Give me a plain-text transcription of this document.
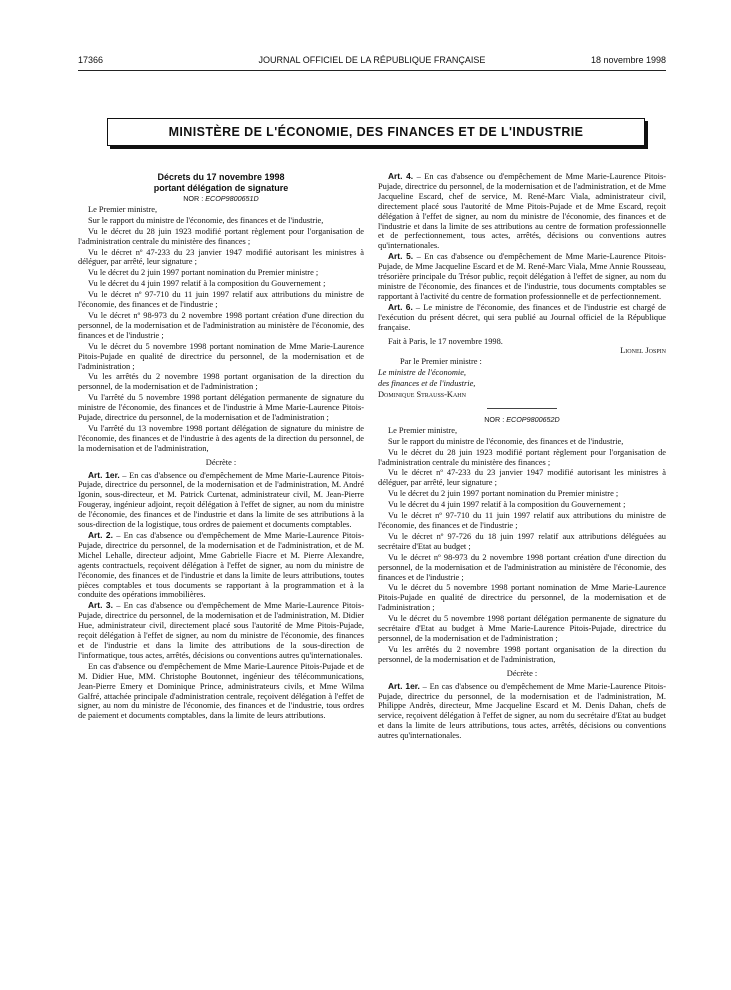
17366	JOURNAL OFFICIEL DE LA RÉPUBLIQUE FRANÇAISE	18 novembre 1998
MINISTÈRE DE L'ÉCONOMIE, DES FINANCES ET DE L'INDUSTRIE

Décrets du 17 novembre 1998

portant délégation de signature

NOR : ECOP9800651D

Le Premier ministre,

Sur le rapport du ministre de l'économie, des finances et de l'industrie,

Vu le décret du 28 juin 1923 modifié portant règlement pour l'organisation de l'administration centrale du ministère des finances ;

Vu le décret nº 47-233 du 23 janvier 1947 modifié autorisant les ministres à déléguer, par arrêté, leur signature ;

Vu le décret du 2 juin 1997 portant nomination du Premier ministre ;

Vu le décret du 4 juin 1997 relatif à la composition du Gouvernement ;

Vu le décret nº 97-710 du 11 juin 1997 relatif aux attributions du ministre de l'économie, des finances et de l'industrie ;

Vu le décret nº 98-973 du 2 novembre 1998 portant création d'une direction du personnel, de la modernisation et de l'administration au ministère de l'économie, des finances et de l'industrie ;

Vu le décret du 5 novembre 1998 portant nomination de Mme Marie-Laurence Pitois-Pujade en qualité de directrice du personnel, de la modernisation et de l'administration ;

Vu les arrêtés du 2 novembre 1998 portant organisation de la direction du personnel, de la modernisation et de l'administration ;

Vu l'arrêté du 5 novembre 1998 portant délégation permanente de signature du ministre de l'économie, des finances et de l'industrie à Mme Marie-Laurence Pitois-Pujade, directrice du personnel, de la modernisation et de l'administration ;

Vu l'arrêté du 13 novembre 1998 portant délégation de signature du ministre de l'économie, des finances et de l'industrie à des agents de la direction du personnel, de la modernisation et de l'administration,

Décrète :

Art. 1er. – En cas d'absence ou d'empêchement de Mme Marie-Laurence Pitois-Pujade, directrice du personnel, de la modernisation et de l'administration, M. André Igonin, sous-directeur, et M. Patrick Curtenat, administrateur civil, M. Jean-Pierre Fougeray, ingénieur adjoint, reçoit délégation à l'effet de signer, au nom du ministre de l'économie, des finances et de l'industrie et dans la limite de ses attributions à la sous-direction de la logistique, tous ordres de paiement et documents comptables.

Art. 2. – En cas d'absence ou d'empêchement de Mme Marie-Laurence Pitois-Pujade, directrice du personnel, de la modernisation et de l'administration, et de M. Michel Lehalle, directeur adjoint, Mme Gabrielle Fiacre et M. Pierre Alexandre, agents contractuels, reçoivent délégation à l'effet de signer, au nom du ministre de l'économie, des finances et de l'industrie et dans la limite de leurs attributions, toutes pièces comptables et tous documents se rapportant à la programmation et à la conduite des opérations immobilières.

Art. 3. – En cas d'absence ou d'empêchement de Mme Marie-Laurence Pitois-Pujade, directrice du personnel, de la modernisation et de l'administration, M. Didier Hue, administrateur civil, directement placé sous l'autorité de Mme Pitois-Pujade, reçoit délégation à l'effet de signer, au nom du ministre de l'économie, des finances et de l'industrie et dans la limite des attributions de la sous-direction de l'informatique, tous actes, arrêtés, décisions ou conventions autres qu'internationales.

En cas d'absence ou d'empêchement de Mme Marie-Laurence Pitois-Pujade et de M. Didier Hue, MM. Christophe Boutonnet, ingénieur des télécommunications, Jean-Pierre Emery et Dominique Prince, administrateurs civils, et Mme Wilma Galfré, attachée principale d'administration centrale, reçoivent délégation à l'effet de signer, au nom du ministre de l'économie, des finances et de l'industrie, tous ordres de paiement et documents comptables, dans la limite de leurs attributions.

Art. 4. – En cas d'absence ou d'empêchement de Mme Marie-Laurence Pitois-Pujade, directrice du personnel, de la modernisation et de l'administration, et de Mme Jacqueline Escard, chef de service, M. René-Marc Viala, administrateur civil, directement placé sous l'autorité de Mme Pitois-Pujade et de Mme Escard, reçoit délégation à l'effet de signer, au nom du ministre de l'économie, des finances et de l'industrie et dans la limite de ses attributions au centre de formation professionnelle et de perfectionnement, tous actes, arrêtés, décisions ou conventions autres qu'internationales.

Art. 5. – En cas d'absence ou d'empêchement de Mme Marie-Laurence Pitois-Pujade, de Mme Jacqueline Escard et de M. René-Marc Viala, Mme Annie Rousseau, trésorière principale du Trésor public, reçoit délégation à l'effet de signer, au nom du ministre de l'économie, des finances et de l'industrie, tous documents comptables se rapportant à l'activité du centre de formation professionnelle et de perfectionnement.

Art. 6. – Le ministre de l'économie, des finances et de l'industrie est chargé de l'exécution du présent décret, qui sera publié au Journal officiel de la République française.

Fait à Paris, le 17 novembre 1998.

Lionel Jospin

Par le Premier ministre :

Le ministre de l'économie,

des finances et de l'industrie,

Dominique Strauss-Kahn

NOR : ECOP9800652D

Le Premier ministre,

Sur le rapport du ministre de l'économie, des finances et de l'industrie,

Vu le décret du 28 juin 1923 modifié portant règlement pour l'organisation de l'administration centrale du ministère des finances ;

Vu le décret nº 47-233 du 23 janvier 1947 modifié autorisant les ministres à déléguer, par arrêté, leur signature ;

Vu le décret du 2 juin 1997 portant nomination du Premier ministre ;

Vu le décret du 4 juin 1997 relatif à la composition du Gouvernement ;

Vu le décret nº 97-710 du 11 juin 1997 relatif aux attributions du ministre de l'économie, des finances et de l'industrie ;

Vu le décret nº 97-726 du 18 juin 1997 relatif aux attributions déléguées au secrétaire d'Etat au budget ;

Vu le décret nº 98-973 du 2 novembre 1998 portant création d'une direction du personnel, de la modernisation et de l'administration au ministère de l'économie, des finances et de l'industrie ;

Vu le décret du 5 novembre 1998 portant nomination de Mme Marie-Laurence Pitois-Pujade en qualité de directrice du personnel, de la modernisation et de l'administration ;

Vu le décret du 5 novembre 1998 portant délégation permanente de signature du secrétaire d'Etat au budget à Mme Marie-Laurence Pitois-Pujade, directrice du personnel, de la modernisation et de l'administration ;

Vu les arrêtés du 2 novembre 1998 portant organisation de la direction du personnel, de la modernisation et de l'administration,

Décrète :

Art. 1er. – En cas d'absence ou d'empêchement de Mme Marie-Laurence Pitois-Pujade, directrice du personnel, de la modernisation et de l'administration, M. Philippe Andrès, directeur, Mme Jacqueline Escard et M. Denis Dahan, chefs de service, reçoivent délégation à l'effet de signer, au nom du secrétaire d'Etat au budget et dans la limite de leurs attributions, tous actes, arrêtés, décisions ou conventions autres qu'internationales.
